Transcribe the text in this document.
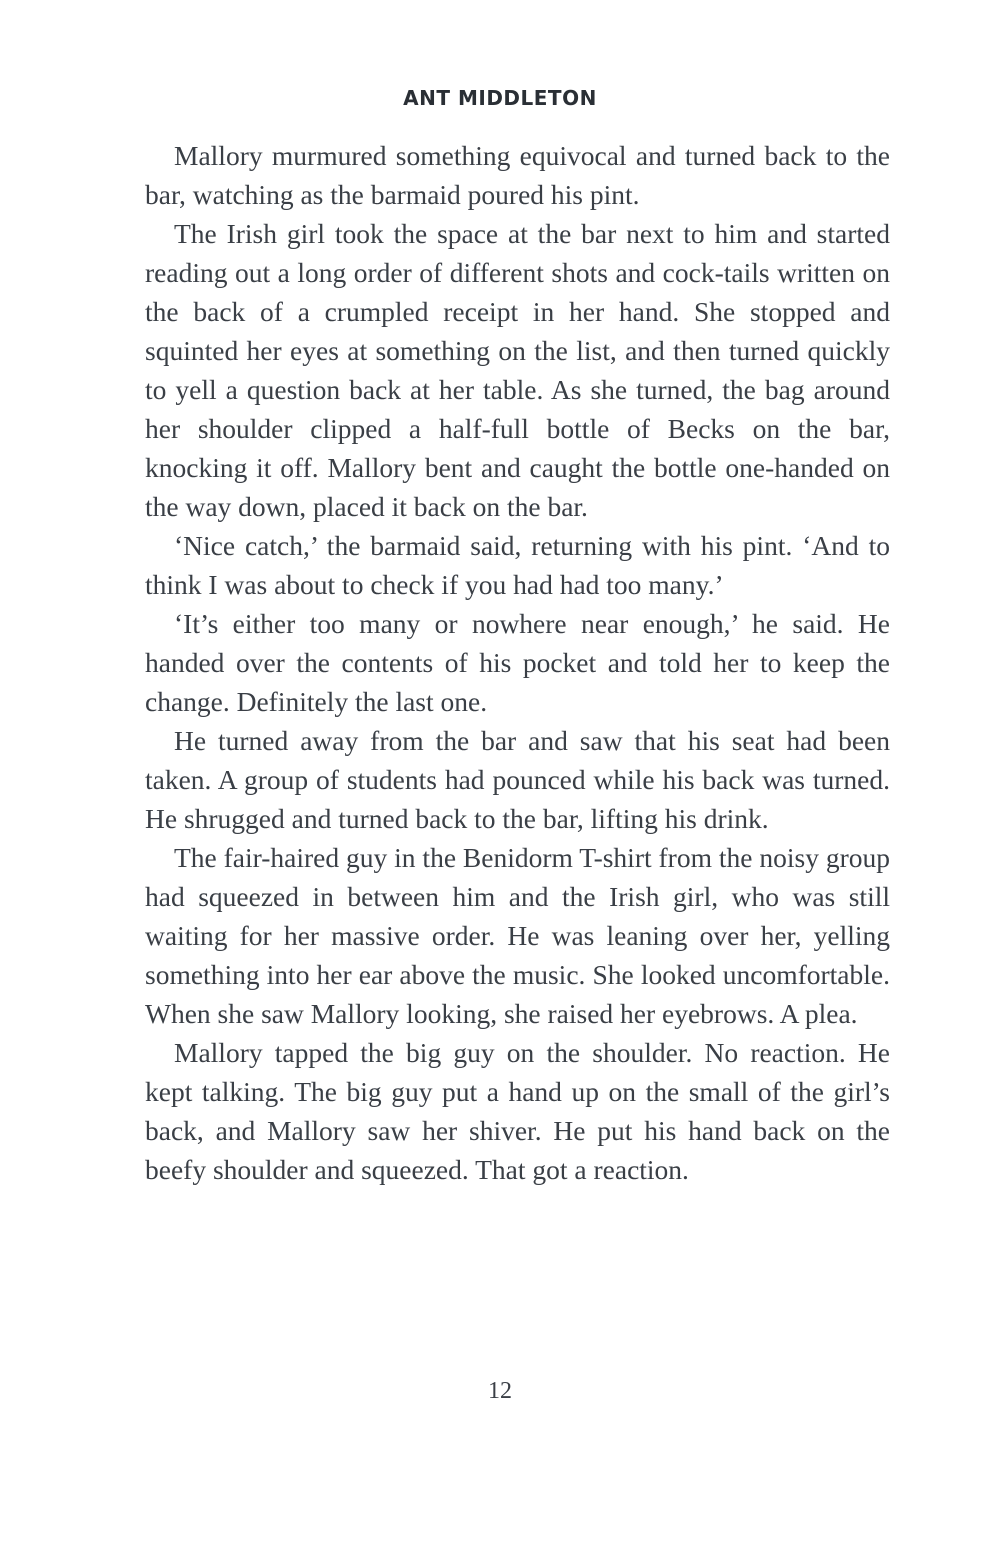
ANT MIDDLETON

Mallory murmured something equivocal and turned back to the bar, watching as the barmaid poured his pint.

The Irish girl took the space at the bar next to him and started reading out a long order of different shots and cock-tails written on the back of a crumpled receipt in her hand. She stopped and squinted her eyes at something on the list, and then turned quickly to yell a question back at her table. As she turned, the bag around her shoulder clipped a half-full bottle of Becks on the bar, knocking it off. Mallory bent and caught the bottle one-handed on the way down, placed it back on the bar.

‘Nice catch,’ the barmaid said, returning with his pint. ‘And to think I was about to check if you had had too many.’

‘It’s either too many or nowhere near enough,’ he said. He handed over the contents of his pocket and told her to keep the change. Definitely the last one.

He turned away from the bar and saw that his seat had been taken. A group of students had pounced while his back was turned. He shrugged and turned back to the bar, lifting his drink.

The fair-haired guy in the Benidorm T-shirt from the noisy group had squeezed in between him and the Irish girl, who was still waiting for her massive order. He was leaning over her, yelling something into her ear above the music. She looked uncomfortable. When she saw Mallory looking, she raised her eyebrows. A plea.

Mallory tapped the big guy on the shoulder. No reaction. He kept talking. The big guy put a hand up on the small of the girl’s back, and Mallory saw her shiver. He put his hand back on the beefy shoulder and squeezed. That got a reaction.

12
